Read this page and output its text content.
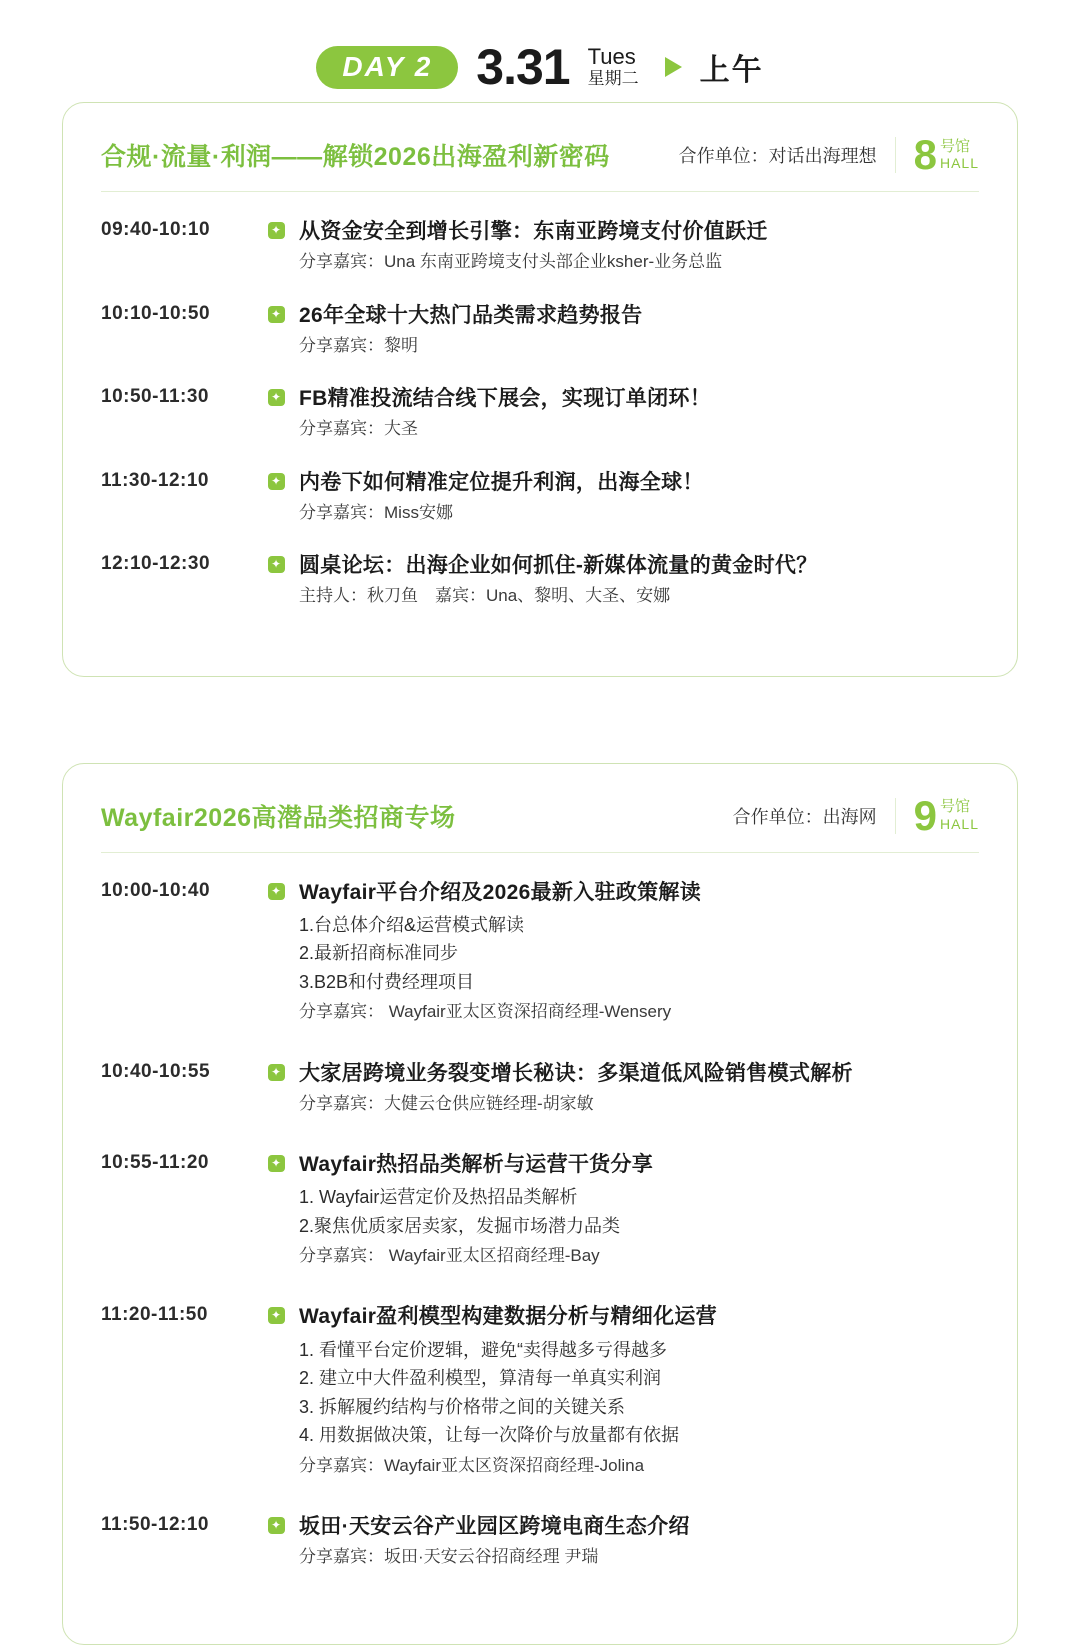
DAY 2 3.31 Tues
星期二 上午
合规·流量·利润——解锁2026出海盈利新密码	合作单位：对话出海理想 8 号馆
HALL
09:40-10:10	✦ 从资金安全到增长引擎：东南亚跨境支付价值跃迁
分享嘉宾：Una 东南亚跨境支付头部企业ksher-业务总监
10:10-10:50	✦ 26年全球十大热门品类需求趋势报告
分享嘉宾：黎明
10:50-11:30	✦ FB精准投流结合线下展会，实现订单闭环！
分享嘉宾：大圣
11:30-12:10	✦ 内卷下如何精准定位提升利润，出海全球！
分享嘉宾：Miss安娜
12:10-12:30	✦ 圆桌论坛：出海企业如何抓住-新媒体流量的黄金时代？
主持人：秋刀鱼　嘉宾：Una、黎明、大圣、安娜
Wayfair2026高潜品类招商专场	合作单位：出海网 9 号馆
HALL
10:00-10:40	✦ Wayfair平台介绍及2026最新入驻政策解读
1.台总体介绍&运营模式解读
2.最新招商标准同步
3.B2B和付费经理项目
分享嘉宾： Wayfair亚太区资深招商经理-Wensery
10:40-10:55	✦ 大家居跨境业务裂变增长秘诀：多渠道低风险销售模式解析
分享嘉宾：大健云仓供应链经理-胡家敏
10:55-11:20	✦ Wayfair热招品类解析与运营干货分享
1. Wayfair运营定价及热招品类解析
2.聚焦优质家居卖家，发掘市场潜力品类
分享嘉宾： Wayfair亚太区招商经理-Bay
11:20-11:50	✦ Wayfair盈利模型构建数据分析与精细化运营
1. 看懂平台定价逻辑，避免“卖得越多亏得越多
2. 建立中大件盈利模型，算清每一单真实利润
3. 拆解履约结构与价格带之间的关键关系
4. 用数据做决策，让每一次降价与放量都有依据
分享嘉宾：Wayfair亚太区资深招商经理-Jolina
11:50-12:10	✦ 坂田·天安云谷产业园区跨境电商生态介绍
分享嘉宾：坂田·天安云谷招商经理 尹瑞
